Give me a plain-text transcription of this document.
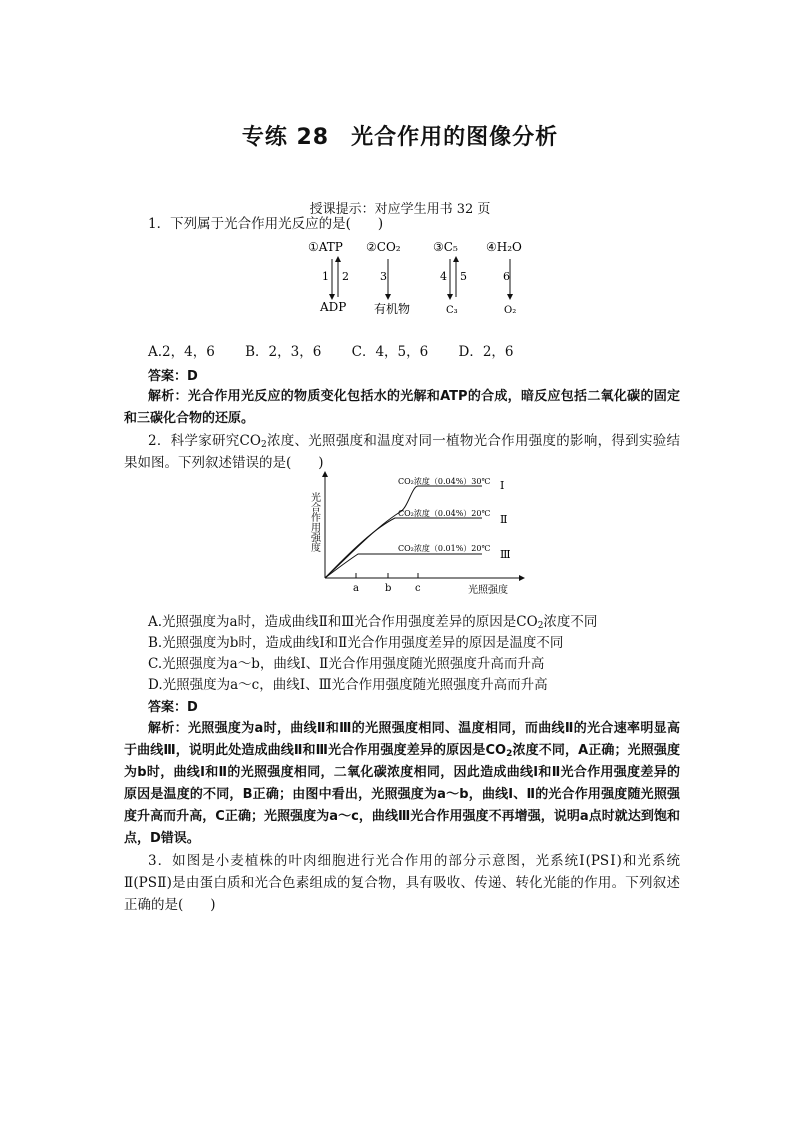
专练 28 光合作用的图像分析
授课提示：对应学生用书 32 页
1．下列属于光合作用光反应的是(　　)
①ATP ②CO₂	③C₅ ④H₂O
1 2	3	4 5	6
ADP 有机物	C₃	O₂
A.2，4，6 B．2，3，6 C．4，5，6 D．2，6
答案：D
解析：光合作用光反应的物质变化包括水的光解和ATP的合成，暗反应包括二氧化碳的固定和三碳化合物的还原。
2．科学家研究$CO_2$浓度、光照强度和温度对同一植物光合作用强度的影响，得到实验结果如图。下列叙述错误的是(　　)
光合作用强度
CO₂浓度（0.04%）30℃ Ⅰ
CO₂浓度（0.04%）20℃ Ⅱ
CO₂浓度（0.01%）20℃ Ⅲ
a	b c	光照强度
A.光照强度为a时，造成曲线Ⅱ和Ⅲ光合作用强度差异的原因是$CO_2$浓度不同
B.光照强度为b时，造成曲线Ⅰ和Ⅱ光合作用强度差异的原因是温度不同
C.光照强度为a～b，曲线Ⅰ、Ⅱ光合作用强度随光照强度升高而升高
D.光照强度为a～c，曲线Ⅰ、Ⅲ光合作用强度随光照强度升高而升高
答案：D
解析：光照强度为a时，曲线Ⅱ和Ⅲ的光照强度相同、温度相同，而曲线Ⅱ的光合速率明显高于曲线Ⅲ，说明此处造成曲线Ⅱ和Ⅲ光合作用强度差异的原因是$CO_2$浓度不同，A正确；光照强度为b时，曲线Ⅰ和Ⅱ的光照强度相同，二氧化碳浓度相同，因此造成曲线Ⅰ和Ⅱ光合作用强度差异的原因是温度的不同，B正确；由图中看出，光照强度为a～b，曲线Ⅰ、Ⅱ的光合作用强度随光照强度升高而升高，C正确；光照强度为a～c，曲线Ⅲ光合作用强度不再增强，说明a点时就达到饱和点，D错误。
3．如图是小麦植株的叶肉细胞进行光合作用的部分示意图，光系统Ⅰ(PSⅠ)和光系统Ⅱ(PSⅡ)是由蛋白质和光合色素组成的复合物，具有吸收、传递、转化光能的作用。下列叙述正确的是(　　)
